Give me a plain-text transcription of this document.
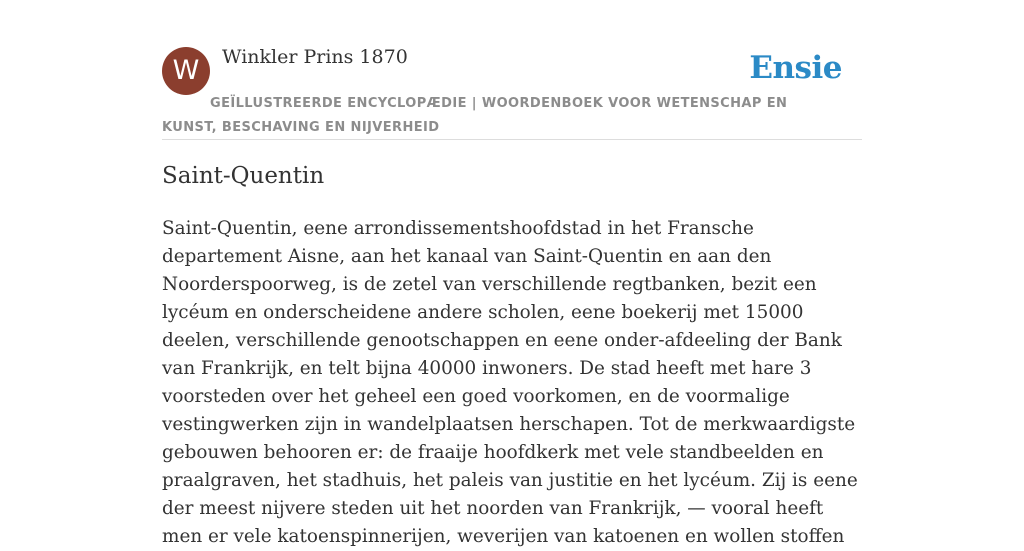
W	Winkler Prins 1870	Ensie
GEÏLLUSTREERDE ENCYCLOPÆDIE | WOORDENBOEK VOOR WETENSCHAP EN KUNST, BESCHAVING EN NIJVERHEID
Saint-Quentin

Saint-Quentin, eene arrondissementshoofdstad in het Fransche departement Aisne, aan het kanaal van Saint-Quentin en aan den Noorderspoorweg, is de zetel van verschillende regtbanken, bezit een lycéum en onderscheidene andere scholen, eene boekerij met 15000 deelen, verschillende genootschappen en eene onder-afdeeling der Bank van Frankrijk, en telt bijna 40000 inwoners. De stad heeft met hare 3 voorsteden over het geheel een goed voorkomen, en de voormalige vestingwerken zijn in wandelplaatsen herschapen. Tot de merkwaardigste gebouwen behooren er: de fraaije hoofdkerk met vele standbeelden en praalgraven, het stadhuis, het paleis van justitie en het lycéum. Zij is eene der meest nijvere steden uit het noorden van Frankrijk, — vooral heeft men er vele katoenspinnerijen, weverijen van katoenen en wollen stoffen
